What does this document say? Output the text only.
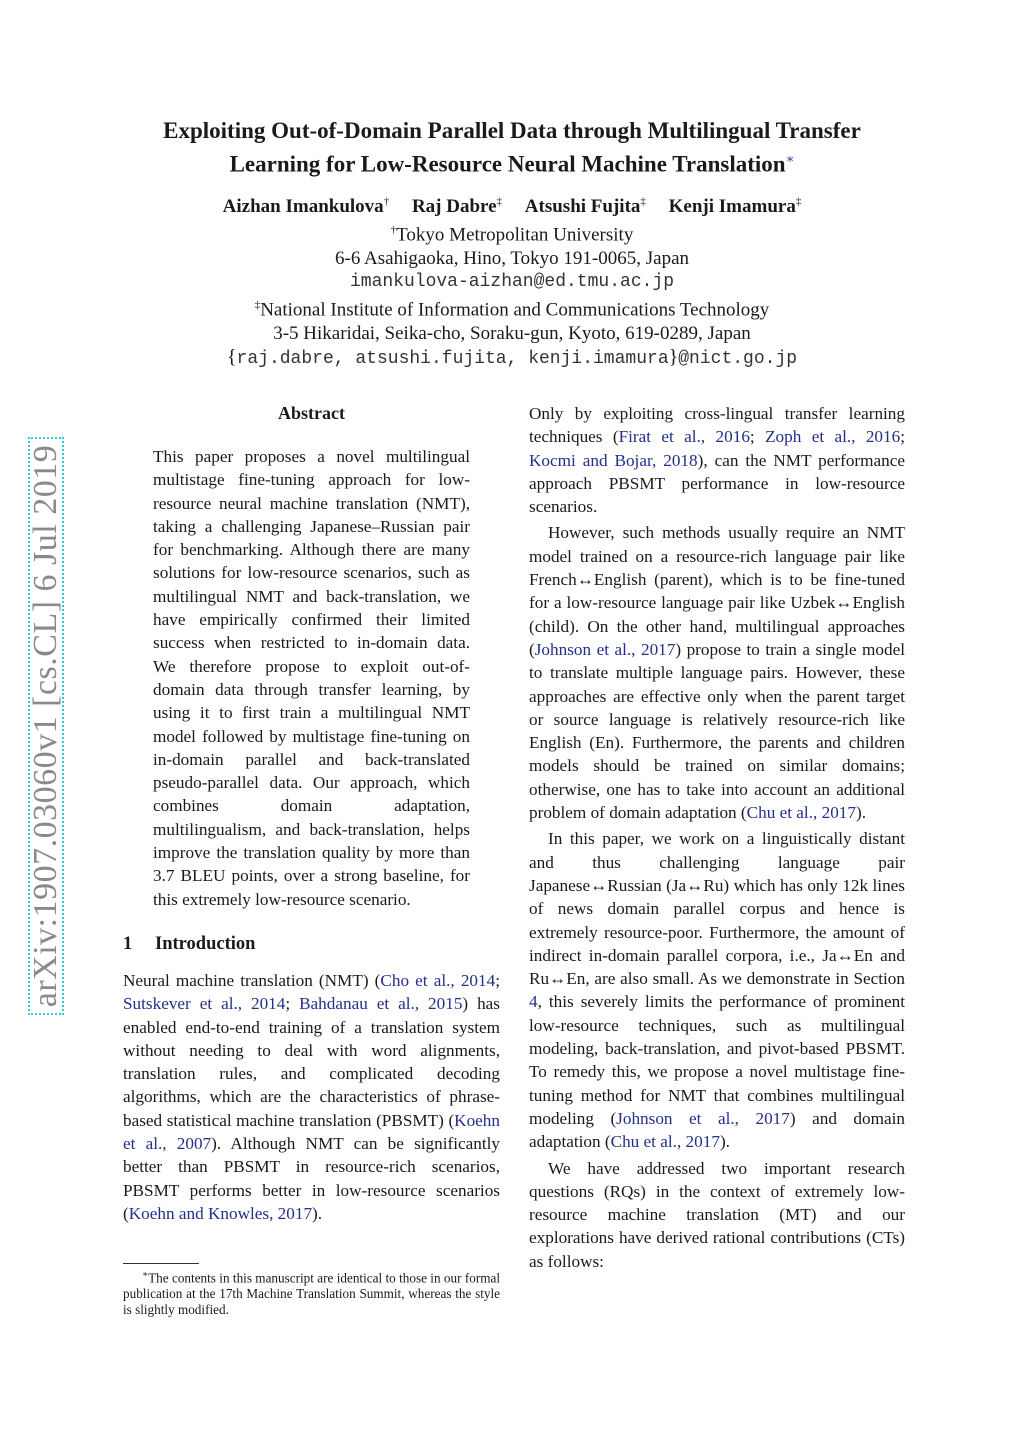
arXiv:1907.03060v1 [cs.CL] 6 Jul 2019
Exploiting Out-of-Domain Parallel Data through Multilingual Transfer
Learning for Low-Resource Neural Machine Translation∗
Aizhan Imankulova† Raj Dabre‡ Atsushi Fujita‡ Kenji Imamura‡
†Tokyo Metropolitan University
6-6 Asahigaoka, Hino, Tokyo 191-0065, Japan
imankulova-aizhan@ed.tmu.ac.jp
‡National Institute of Information and Communications Technology
3-5 Hikaridai, Seika-cho, Soraku-gun, Kyoto, 619-0289, Japan
{raj.dabre, atsushi.fujita, kenji.imamura}@nict.go.jp
Abstract

This paper proposes a novel multilingual multistage fine-tuning approach for low-resource neural machine translation (NMT), taking a challenging Japanese–Russian pair for benchmarking. Although there are many solutions for low-resource scenarios, such as multilingual NMT and back-translation, we have empirically confirmed their limited success when restricted to in-domain data. We therefore propose to exploit out-of-domain data through transfer learning, by using it to first train a multilingual NMT model followed by multistage fine-tuning on in-domain parallel and back-translated pseudo-parallel data. Our approach, which combines domain adaptation, multilingualism, and back-translation, helps improve the translation quality by more than 3.7 BLEU points, over a strong baseline, for this extremely low-resource scenario.

1 Introduction

Neural machine translation (NMT) (Cho et al., 2014; Sutskever et al., 2014; Bahdanau et al., 2015) has enabled end-to-end training of a translation system without needing to deal with word alignments, translation rules, and complicated decoding algorithms, which are the characteristics of phrase-based statistical machine translation (PBSMT) (Koehn et al., 2007). Although NMT can be significantly better than PBSMT in resource-rich scenarios, PBSMT performs better in low-resource scenarios (Koehn and Knowles, 2017).

∗The contents in this manuscript are identical to those in our formal publication at the 17th Machine Translation Summit, whereas the style is slightly modified.

Only by exploiting cross-lingual transfer learning techniques (Firat et al., 2016; Zoph et al., 2016; Kocmi and Bojar, 2018), can the NMT performance approach PBSMT performance in low-resource scenarios.

However, such methods usually require an NMT model trained on a resource-rich language pair like French↔English (parent), which is to be fine-tuned for a low-resource language pair like Uzbek↔English (child). On the other hand, multilingual approaches (Johnson et al., 2017) propose to train a single model to translate multiple language pairs. However, these approaches are effective only when the parent target or source language is relatively resource-rich like English (En). Furthermore, the parents and children models should be trained on similar domains; otherwise, one has to take into account an additional problem of domain adaptation (Chu et al., 2017).

In this paper, we work on a linguistically distant and thus challenging language pair Japanese↔Russian (Ja↔Ru) which has only 12k lines of news domain parallel corpus and hence is extremely resource-poor. Furthermore, the amount of indirect in-domain parallel corpora, i.e., Ja↔En and Ru↔En, are also small. As we demonstrate in Section 4, this severely limits the performance of prominent low-resource techniques, such as multilingual modeling, back-translation, and pivot-based PBSMT. To remedy this, we propose a novel multistage fine-tuning method for NMT that combines multilingual modeling (Johnson et al., 2017) and domain adaptation (Chu et al., 2017).

We have addressed two important research questions (RQs) in the context of extremely low-resource machine translation (MT) and our explorations have derived rational contributions (CTs) as follows:
